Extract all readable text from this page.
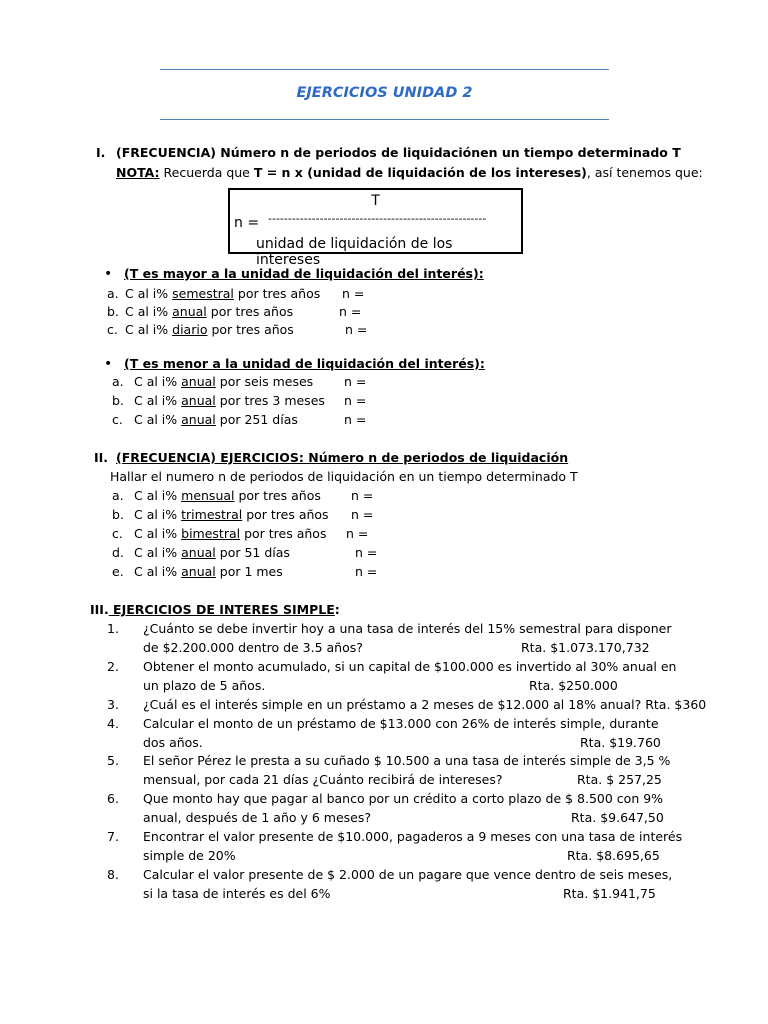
EJERCICIOS UNIDAD 2
I. (FRECUENCIA) Número n de periodos de liquidaciónen un tiempo determinado T
NOTA: Recuerda que T = n x (unidad de liquidación de los intereses), así tenemos que:
T
n = -------------------------------------------------------
unidad de liquidación de los intereses
• (T es mayor a la unidad de liquidación del interés):
a. C al i% semestral por tres años n =
b. C al i% anual por tres años	n =
c. C al i% diario por tres años	n =
• (T es menor a la unidad de liquidación del interés):
a. C al i% anual por seis meses n =
b. C al i% anual por tres 3 meses n =
c. C al i% anual por 251 días	n =
II. (FRECUENCIA) EJERCICIOS: Número n de periodos de liquidación
Hallar el numero n de periodos de liquidación en un tiempo determinado T
a. C al i% mensual por tres años n =
b. C al i% trimestral por tres años n =
c. C al i% bimestral por tres años n =
d. C al i% anual por 51 días	n =
e. C al i% anual por 1 mes	n =
III. EJERCICIOS DE INTERES SIMPLE:
1. ¿Cuánto se debe invertir hoy a una tasa de interés del 15% semestral para disponer
de $2.200.000 dentro de 3.5 años?	Rta. $1.073.170,732
2. Obtener el monto acumulado, si un capital de $100.000 es invertido al 30% anual en
un plazo de 5 años.	Rta. $250.000
3. ¿Cuál es el interés simple en un préstamo a 2 meses de $12.000 al 18% anual? Rta. $360
4. Calcular el monto de un préstamo de $13.000 con 26% de interés simple, durante
dos años.	Rta. $19.760
5. El señor Pérez le presta a su cuñado $ 10.500 a una tasa de interés simple de 3,5 %
mensual, por cada 21 días ¿Cuánto recibirá de intereses?	Rta. $ 257,25
6. Que monto hay que pagar al banco por un crédito a corto plazo de $ 8.500 con 9%
anual, después de 1 año y 6 meses?	Rta. $9.647,50
7. Encontrar el valor presente de $10.000, pagaderos a 9 meses con una tasa de interés
simple de 20%	Rta. $8.695,65
8. Calcular el valor presente de $ 2.000 de un pagare que vence dentro de seis meses,
si la tasa de interés es del 6%	Rta. $1.941,75
